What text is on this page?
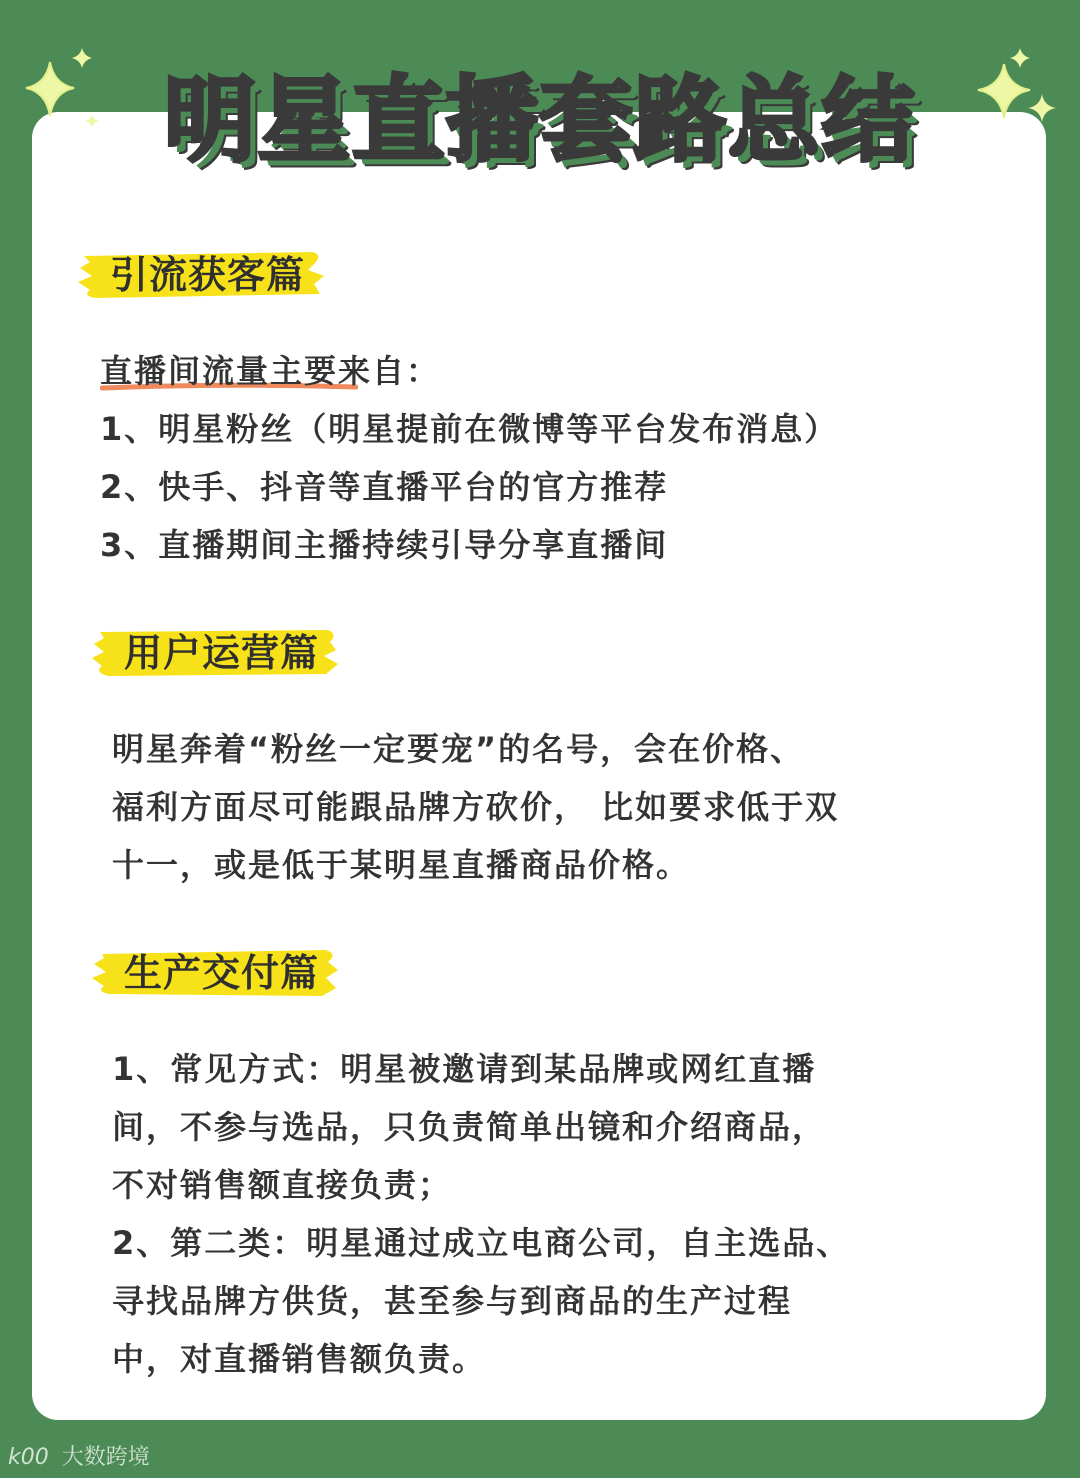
明星直播套路总结
引流获客篇
直播间流量主要来自：
1、明星粉丝（明星提前在微博等平台发布消息）
2、快手、抖音等直播平台的官方推荐
3、直播期间主播持续引导分享直播间
用户运营篇
明星奔着“粉丝一定要宠”的名号，会在价格、
福利方面尽可能跟品牌方砍价， 比如要求低于双
十一，或是低于某明星直播商品价格。
生产交付篇
1、常见方式：明星被邀请到某品牌或网红直播
间，不参与选品，只负责简单出镜和介绍商品，
不对销售额直接负责；
2、第二类：明星通过成立电商公司，自主选品、
寻找品牌方供货，甚至参与到商品的生产过程
中，对直播销售额负责。
k00 大数跨境
